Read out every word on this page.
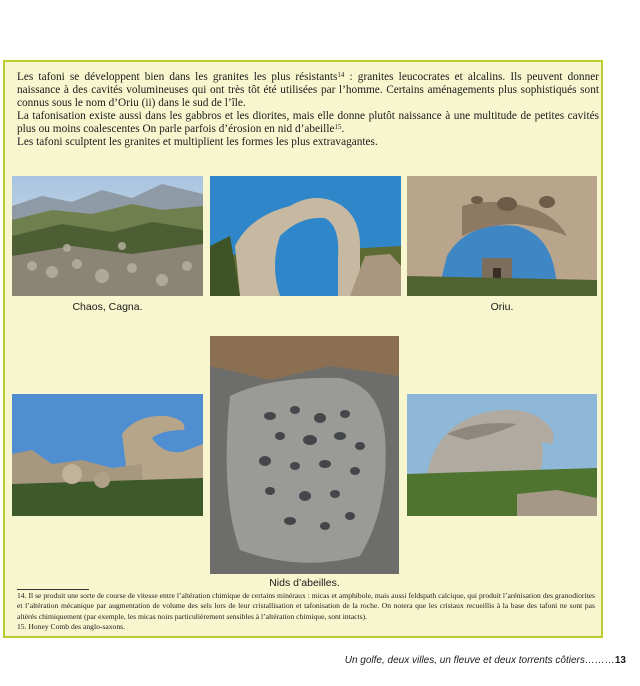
Les tafoni se développent bien dans les granites les plus résistants$^{14}$ : granites leucocrates et alcalins. Ils peuvent donner naissance à des cavités volumineuses qui ont très tôt été utilisées par l’homme. Certains aménagements plus sophistiqués sont connus sous le nom d’Oriu (ii) dans le sud de l’île.

La tafonisation existe aussi dans les gabbros et les diorites, mais elle donne plutôt naissance à une multitude de petites cavités plus ou moins coalescentes On parle parfois d’érosion en nid d’abeille$^{15}$.

Les tafoni sculptent les granites et multiplient les formes les plus extravagantes.

Chaos, Cagna.	Oriu.
Nids d’abeilles.

14. Il se produit une sorte de course de vitesse entre l’altération chimique de certains minéraux : micas et amphibole, mais aussi feldspath calcique, qui produit l’arénisation des granodiorites et l’altération mécanique par augmentation de volume des sels lors de leur cristallisation et tafonisation de la roche. On notera que les cristaux recueillis à la base des tafoni ne sont pas altérés chimiquement (par exemple, les micas noirs particulièrement sensibles à l’altération chimique, sont intacts).

15. Honey Comb des anglo-saxons.

Un golfe, deux villes, un fleuve et deux torrents côtiers………13
